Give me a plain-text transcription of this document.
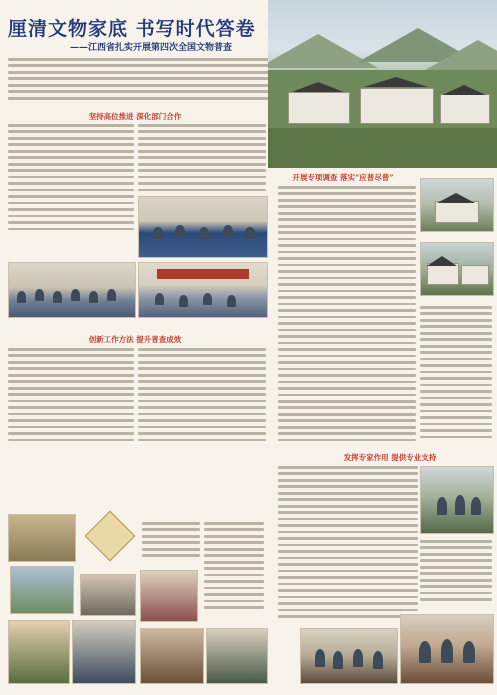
厘清文物家底 书写时代答卷
——江西省扎实开展第四次全国文物普查
坚持高位推进 深化部门合作
创新工作方法 提升普查成效
开展专项调查 落实“应普尽普”
发挥专家作用 提供专业支持
